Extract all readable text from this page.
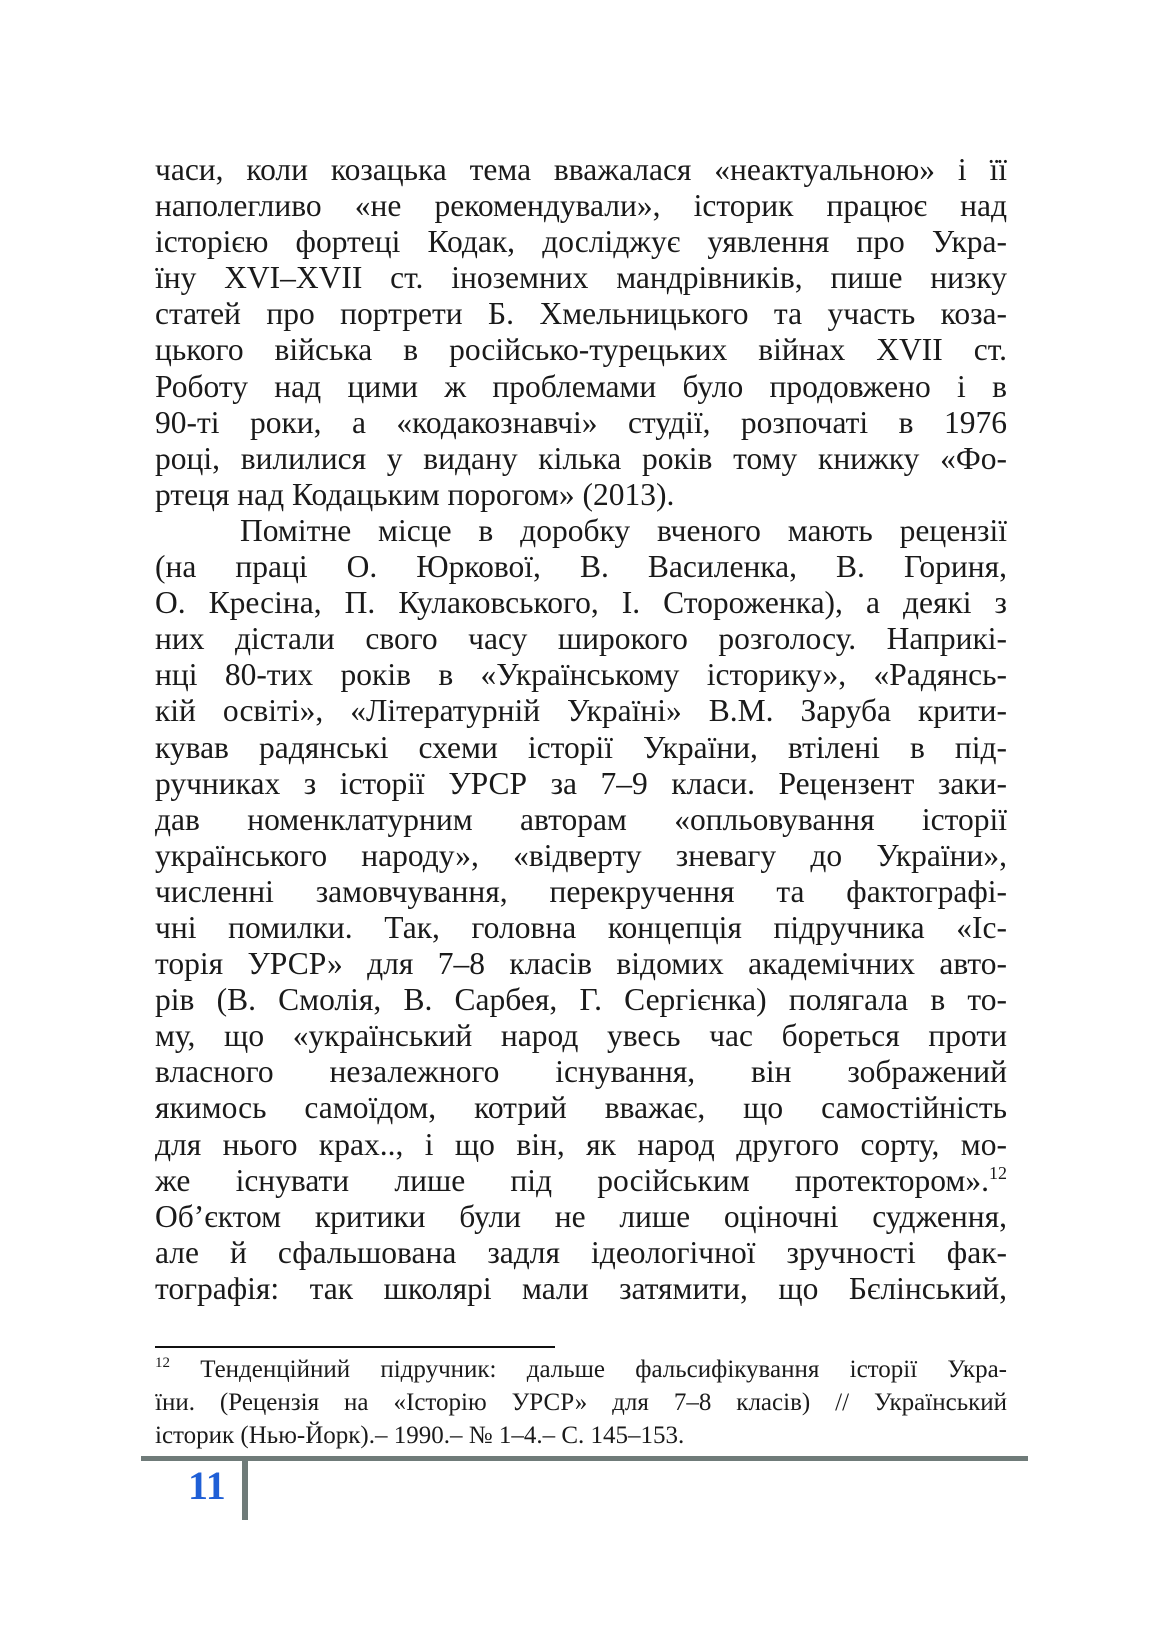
часи, коли козацька тема вважалася «неактуальною» і її
наполегливо «не рекомендували», історик працює над
історією фортеці Кодак, досліджує уявлення про Укра-
їну XVI–XVII ст. іноземних мандрівників, пише низку
статей про портрети Б. Хмельницького та участь коза-
цького війська в російсько-турецьких війнах XVII ст.
Роботу над цими ж проблемами було продовжено і в
90-ті роки, а «кодакознавчі» студії, розпочаті в 1976
році, вилилися у видану кілька років тому книжку «Фо-
ртеця над Кодацьким порогом» (2013).
Помітне місце в доробку вченого мають рецензії
(на праці О. Юркової, В. Василенка, В. Гориня,
О. Кресіна, П. Кулаковського, І. Стороженка), а деякі з
них дістали свого часу широкого розголосу. Наприкі-
нці 80-тих років в «Українському історику», «Радянсь-
кій освіті», «Літературній Україні» В.М. Заруба крити-
кував радянські схеми історії України, втілені в під-
ручниках з історії УРСР за 7–9 класи. Рецензент заки-
дав номенклатурним авторам «опльовування історії
українського народу», «відверту зневагу до України»,
численні замовчування, перекручення та фактографі-
чні помилки. Так, головна концепція підручника «Іс-
торія УРСР» для 7–8 класів відомих академічних авто-
рів (В. Смолія, В. Сарбея, Г. Сергієнка) полягала в то-
му, що «український народ увесь час бореться проти
власного незалежного існування, він зображений
якимось самоїдом, котрий вважає, що самостійність
для нього крах.., і що він, як народ другого сорту, мо-
же існувати лише під російським протектором».$^{12}$
Об’єктом критики були не лише оціночні судження,
але й сфальшована задля ідеологічної зручності фак-
тографія: так школярі мали затямити, що Бєлінський,
$^{12}$ Тенденційний підручник: дальше фальсифікування історії Укра-
їни. (Рецензія на «Історію УРСР» для 7–8 класів) // Український
історик (Нью-Йорк).– 1990.– № 1–4.– С. 145–153.
11
